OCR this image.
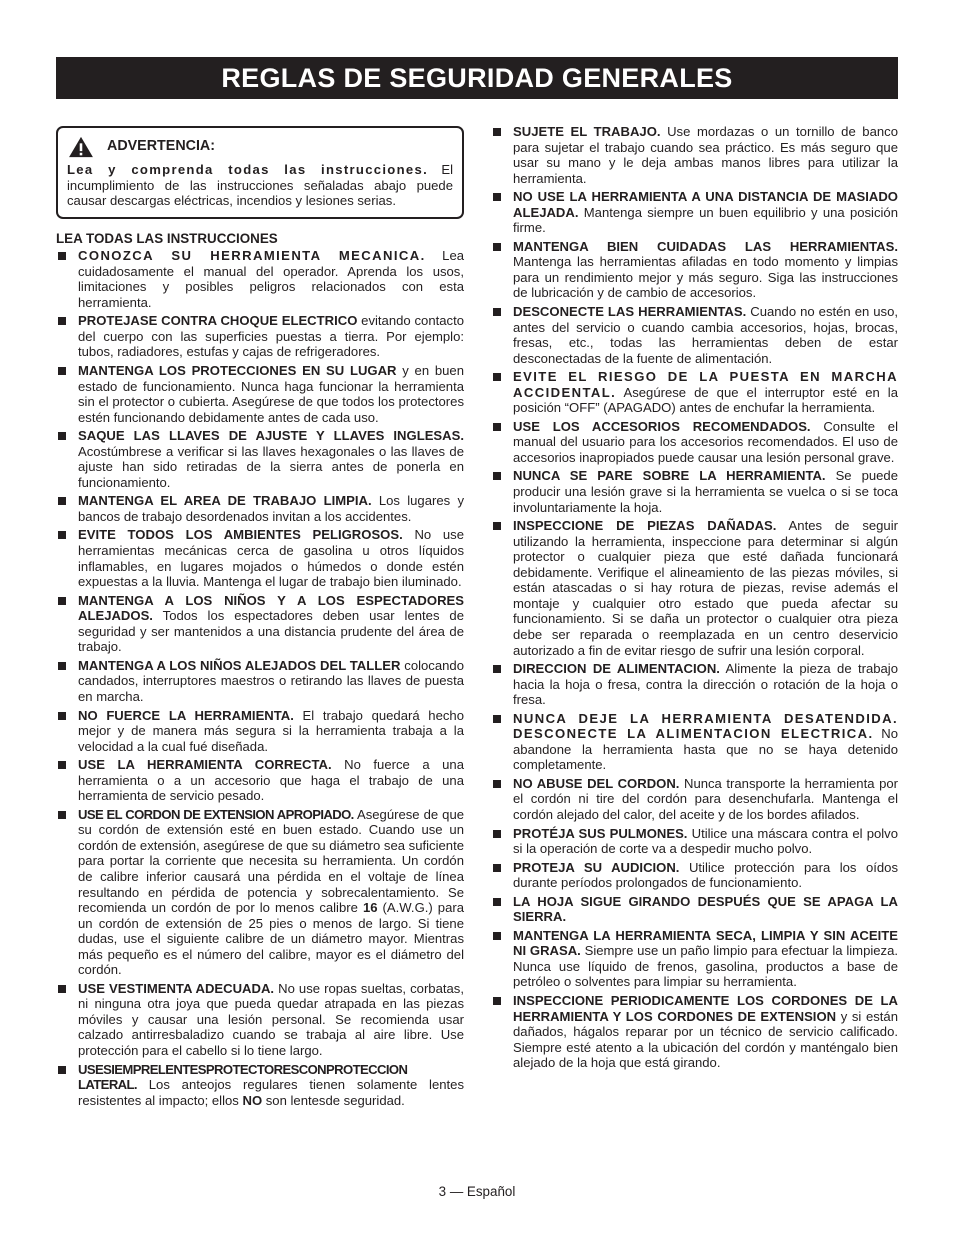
REGLAS DE SEGURIDAD GENERALES
ADVERTENCIA:
Lea y comprenda todas las instrucciones. El incumplimiento de las instrucciones señaladas abajo puede causar descargas eléctricas, incendios y lesiones serias.
LEA TODAS LAS INSTRUCCIONES
CONOZCA SU HERRAMIENTA MECANICA. Lea cuidadosamente el manual del operador. Aprenda los usos, limitaciones y posibles peligros relacionados con esta herramienta.
PROTEJASE CONTRA CHOQUE ELECTRICO evitando contacto del cuerpo con las superficies puestas a tierra. Por ejemplo: tubos, radiadores, estufas y cajas de refrigeradores.
MANTENGA LOS PROTECCIONES EN SU LUGAR y en buen estado de funcionamiento. Nunca haga funcionar la herramienta sin el protector o cubierta. Asegúrese de que todos los protectores estén funcionando debidamente antes de cada uso.
SAQUE LAS LLAVES DE AJUSTE Y LLAVES INGLESAS. Acostúmbrese a verificar si las llaves hexagonales o las llaves de ajuste han sido retiradas de la sierra antes de ponerla en funcionamiento.
MANTENGA EL AREA DE TRABAJO LIMPIA. Los lugares y bancos de trabajo desordenados invitan a los accidentes.
EVITE TODOS LOS AMBIENTES PELIGROSOS. No use herramientas mecánicas cerca de gasolina u otros líquidos inflamables, en lugares mojados o húmedos o donde estén expuestas a la lluvia. Mantenga el lugar de trabajo bien iluminado.
MANTENGA A LOS NIÑOS Y A LOS ESPECTADORES ALEJADOS. Todos los espectadores deben usar lentes de seguridad y ser mantenidos a una distancia prudente del área de trabajo.
MANTENGA A LOS NIÑOS ALEJADOS DEL TALLER colocando candados, interruptores maestros o retirando las llaves de puesta en marcha.
NO FUERCE LA HERRAMIENTA. El trabajo quedará hecho mejor y de manera más segura si la herramienta trabaja a la velocidad a la cual fué diseñada.
USE LA HERRAMIENTA CORRECTA. No fuerce a una herramienta o a un accesorio que haga el trabajo de una herramienta de servicio pesado.
USE EL CORDON DE EXTENSION APROPIADO. Asegúrese de que su cordón de extensión esté en buen estado. Cuando use un cordón de extensión, asegúrese de que su diámetro sea suficiente para portar la corriente que necesita su herramienta. Un cordón de calibre inferior causará una pérdida en el voltaje de línea resultando en pérdida de potencia y sobrecalentamiento. Se recomienda un cordón de por lo menos calibre 16 (A.W.G.) para un cordón de extensión de 25 pies o menos de largo. Si tiene dudas, use el siguiente calibre de un diámetro mayor. Mientras más pequeño es el número del calibre, mayor es el diámetro del cordón.
USE VESTIMENTA ADECUADA. No use ropas sueltas, corbatas, ni ninguna otra joya que pueda quedar atrapada en las piezas móviles y causar una lesión personal. Se recomienda usar calzado antirresbaladizo cuando se trabaja al aire libre. Use protección para el cabello si lo tiene largo.
USESIEMPRELENTESPROTECTORESCONPROTECCION LATERAL. Los anteojos regulares tienen solamente lentes resistentes al impacto; ellos NO son lentesde seguridad.
SUJETE EL TRABAJO. Use mordazas o un tornillo de banco para sujetar el trabajo cuando sea práctico. Es más seguro que usar su mano y le deja ambas manos libres para utilizar la herramienta.
NO USE LA HERRAMIENTA A UNA DISTANCIA DE MASIADO ALEJADA. Mantenga siempre un buen equilibrio y una posición firme.
MANTENGA BIEN CUIDADAS LAS HERRAMIENTAS. Mantenga las herramientas afiladas en todo momento y limpias para un rendimiento mejor y más seguro. Siga las instrucciones de lubricación y de cambio de accesorios.
DESCONECTE LAS HERRAMIENTAS. Cuando no estén en uso, antes del servicio o cuando cambia accesorios, hojas, brocas, fresas, etc., todas las herramientas deben de estar desconectadas de la fuente de alimentación.
EVITE EL RIESGO DE LA PUESTA EN MARCHA ACCIDENTAL. Asegúrese de que el interruptor esté en la posición “OFF” (APAGADO) antes de enchufar la herramienta.
USE LOS ACCESORIOS RECOMENDADOS. Consulte el manual del usuario para los accesorios recomendados. El uso de accesorios inapropiados puede causar una lesión personal grave.
NUNCA SE PARE SOBRE LA HERRAMIENTA. Se puede producir una lesión grave si la herramienta se vuelca o si se toca involuntariamente la hoja.
INSPECCIONE DE PIEZAS DAÑADAS. Antes de seguir utilizando la herramienta, inspeccione para determinar si algún protector o cualquier pieza que esté dañada funcionará debidamente. Verifique el alineamiento de las piezas móviles, si están atascadas o si hay rotura de piezas, revise además el montaje y cualquier otro estado que pueda afectar su funcionamiento. Si se daña un protector o cualquier otra pieza debe ser reparada o reemplazada en un centro deservicio autorizado a fin de evitar riesgo de sufrir una lesión corporal.
DIRECCION DE ALIMENTACION. Alimente la pieza de trabajo hacia la hoja o fresa, contra la dirección o rotación de la hoja o fresa.
NUNCA DEJE LA HERRAMIENTA DESATENDIDA. DESCONECTE LA ALIMENTACION ELECTRICA. No abandone la herramienta hasta que no se haya detenido completamente.
NO ABUSE DEL CORDON. Nunca transporte la herramienta por el cordón ni tire del cordón para desenchufarla. Mantenga el cordón alejado del calor, del aceite y de los bordes afilados.
PROTÉJA SUS PULMONES. Utilice una máscara contra el polvo si la operación de corte va a despedir mucho polvo.
PROTEJA SU AUDICION. Utilice protección para los oídos durante períodos prolongados de funcionamiento.
LA HOJA SIGUE GIRANDO DESPUÉS QUE SE APAGA LA SIERRA.
MANTENGA LA HERRAMIENTA SECA, LIMPIA Y SIN ACEITE NI GRASA. Siempre use un paño limpio para efectuar la limpieza. Nunca use líquido de frenos, gasolina, productos a base de petróleo o solventes para limpiar su herramienta.
INSPECCIONE PERIODICAMENTE LOS CORDONES DE LA HERRAMIENTA Y LOS CORDONES DE EXTENSION y si están dañados, hágalos reparar por un técnico de servicio calificado. Siempre esté atento a la ubicación del cordón y manténgalo bien alejado de la hoja que está girando.
3 — Español
